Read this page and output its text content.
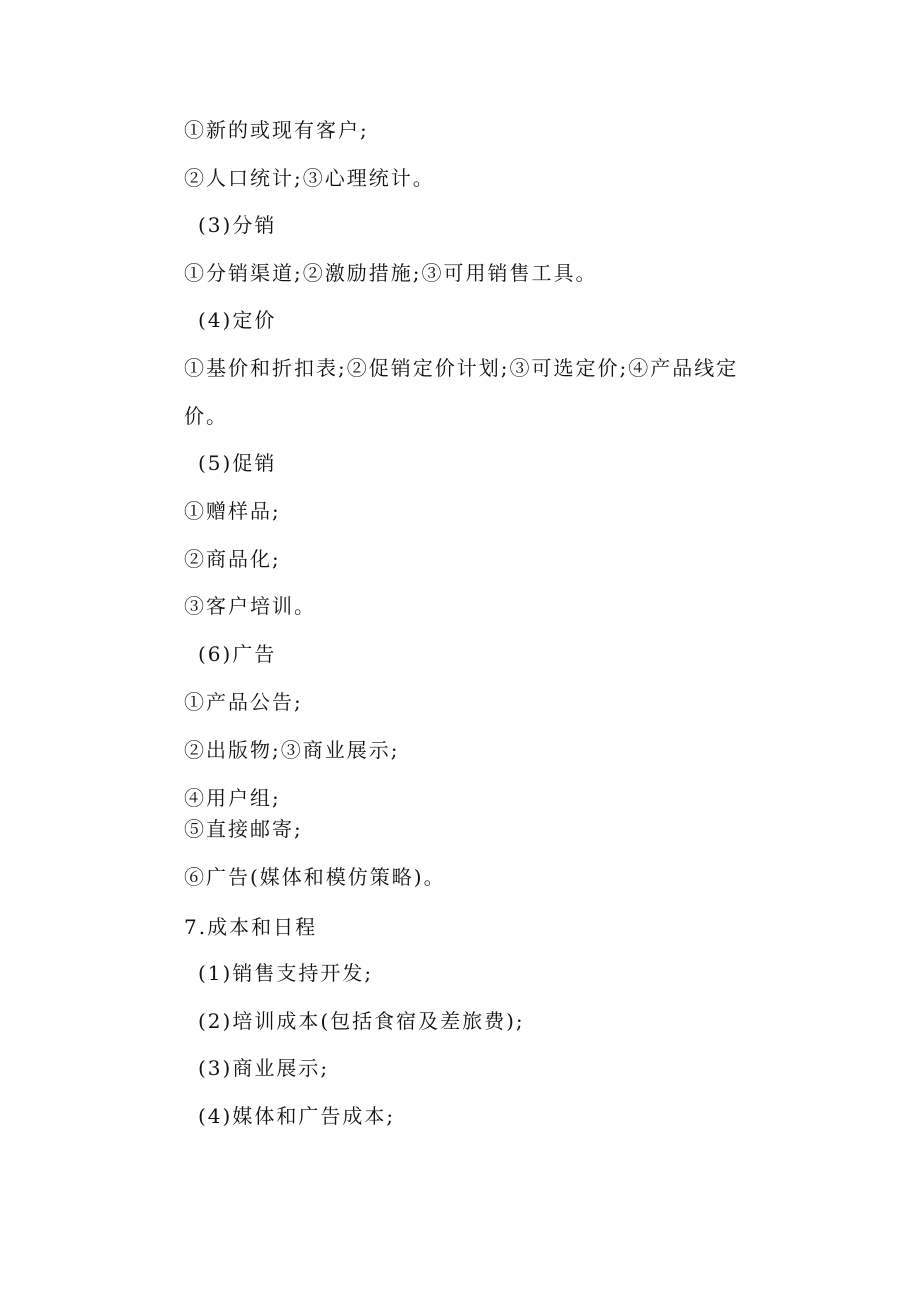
①新的或现有客户;
②人口统计;③心理统计。
(3)分销
①分销渠道;②激励措施;③可用销售工具。
(4)定价
①基价和折扣表;②促销定价计划;③可选定价;④产品线定
价。
(5)促销
①赠样品;
②商品化;
③客户培训。
(6)广告
①产品公告;
②出版物;③商业展示;
④用户组;
⑤直接邮寄;
⑥广告(媒体和模仿策略)。
7.成本和日程
(1)销售支持开发;
(2)培训成本(包括食宿及差旅费);
(3)商业展示;
(4)媒体和广告成本;
